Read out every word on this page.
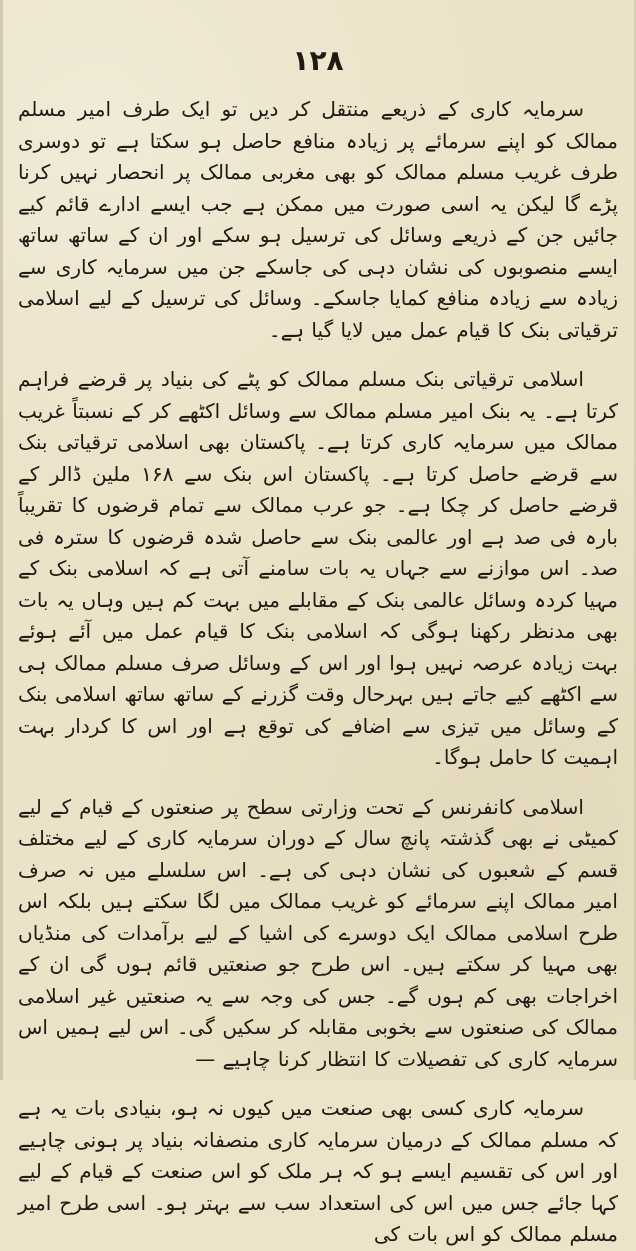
۱۲۸

سرمایہ کاری کے ذریعے منتقل کر دیں تو ایک طرف امیر مسلم ممالک کو اپنے سرمائے پر زیادہ منافع حاصل ہو سکتا ہے تو دوسری طرف غریب مسلم ممالک کو بھی مغربی ممالک پر انحصار نہیں کرنا پڑے گا لیکن یہ اسی صورت میں ممکن ہے جب ایسے ادارے قائم کیے جائیں جن کے ذریعے وسائل کی ترسیل ہو سکے اور ان کے ساتھ ساتھ ایسے منصوبوں کی نشان دہی کی جاسکے جن میں سرمایہ کاری سے زیادہ سے زیادہ منافع کمایا جاسکے۔ وسائل کی ترسیل کے لیے اسلامی ترقیاتی بنک کا قیام عمل میں لایا گیا ہے۔

اسلامی ترقیاتی بنک مسلم ممالک کو پٹے کی بنیاد پر قرضے فراہم کرتا ہے۔ یہ بنک امیر مسلم ممالک سے وسائل اکٹھے کر کے نسبتاً غریب ممالک میں سرمایہ کاری کرتا ہے۔ پاکستان بھی اسلامی ترقیاتی بنک سے قرضے حاصل کرتا ہے۔ پاکستان اس بنک سے ۱۶۸ ملین ڈالر کے قرضے حاصل کر چکا ہے۔ جو عرب ممالک سے تمام قرضوں کا تقریباً بارہ فی صد ہے اور عالمی بنک سے حاصل شدہ قرضوں کا سترہ فی صد۔ اس موازنے سے جہاں یہ بات سامنے آتی ہے کہ اسلامی بنک کے مہیا کردہ وسائل عالمی بنک کے مقابلے میں بہت کم ہیں وہاں یہ بات بھی مدنظر رکھنا ہوگی کہ اسلامی بنک کا قیام عمل میں آئے ہوئے بہت زیادہ عرصہ نہیں ہوا اور اس کے وسائل صرف مسلم ممالک ہی سے اکٹھے کیے جاتے ہیں بہرحال وقت گزرنے کے ساتھ ساتھ اسلامی بنک کے وسائل میں تیزی سے اضافے کی توقع ہے اور اس کا کردار بہت اہمیت کا حامل ہوگا۔

اسلامی کانفرنس کے تحت وزارتی سطح پر صنعتوں کے قیام کے لیے کمیٹی نے بھی گذشتہ پانچ سال کے دوران سرمایہ کاری کے لیے مختلف قسم کے شعبوں کی نشان دہی کی ہے۔ اس سلسلے میں نہ صرف امیر ممالک اپنے سرمائے کو غریب ممالک میں لگا سکتے ہیں بلکہ اس طرح اسلامی ممالک ایک دوسرے کی اشیا کے لیے برآمدات کی منڈیاں بھی مہیا کر سکتے ہیں۔ اس طرح جو صنعتیں قائم ہوں گی ان کے اخراجات بھی کم ہوں گے۔ جس کی وجہ سے یہ صنعتیں غیر اسلامی ممالک کی صنعتوں سے بخوبی مقابلہ کر سکیں گی۔ اس لیے ہمیں اس سرمایہ کاری کی تفصیلات کا انتظار کرنا چاہیے —

سرمایہ کاری کسی بھی صنعت میں کیوں نہ ہو، بنیادی بات یہ ہے کہ مسلم ممالک کے درمیان سرمایہ کاری منصفانہ بنیاد پر ہونی چاہیے اور اس کی تقسیم ایسے ہو کہ ہر ملک کو اس صنعت کے قیام کے لیے کہا جائے جس میں اس کی استعداد سب سے بہتر ہو۔ اسی طرح امیر مسلم ممالک کو اس بات کی
